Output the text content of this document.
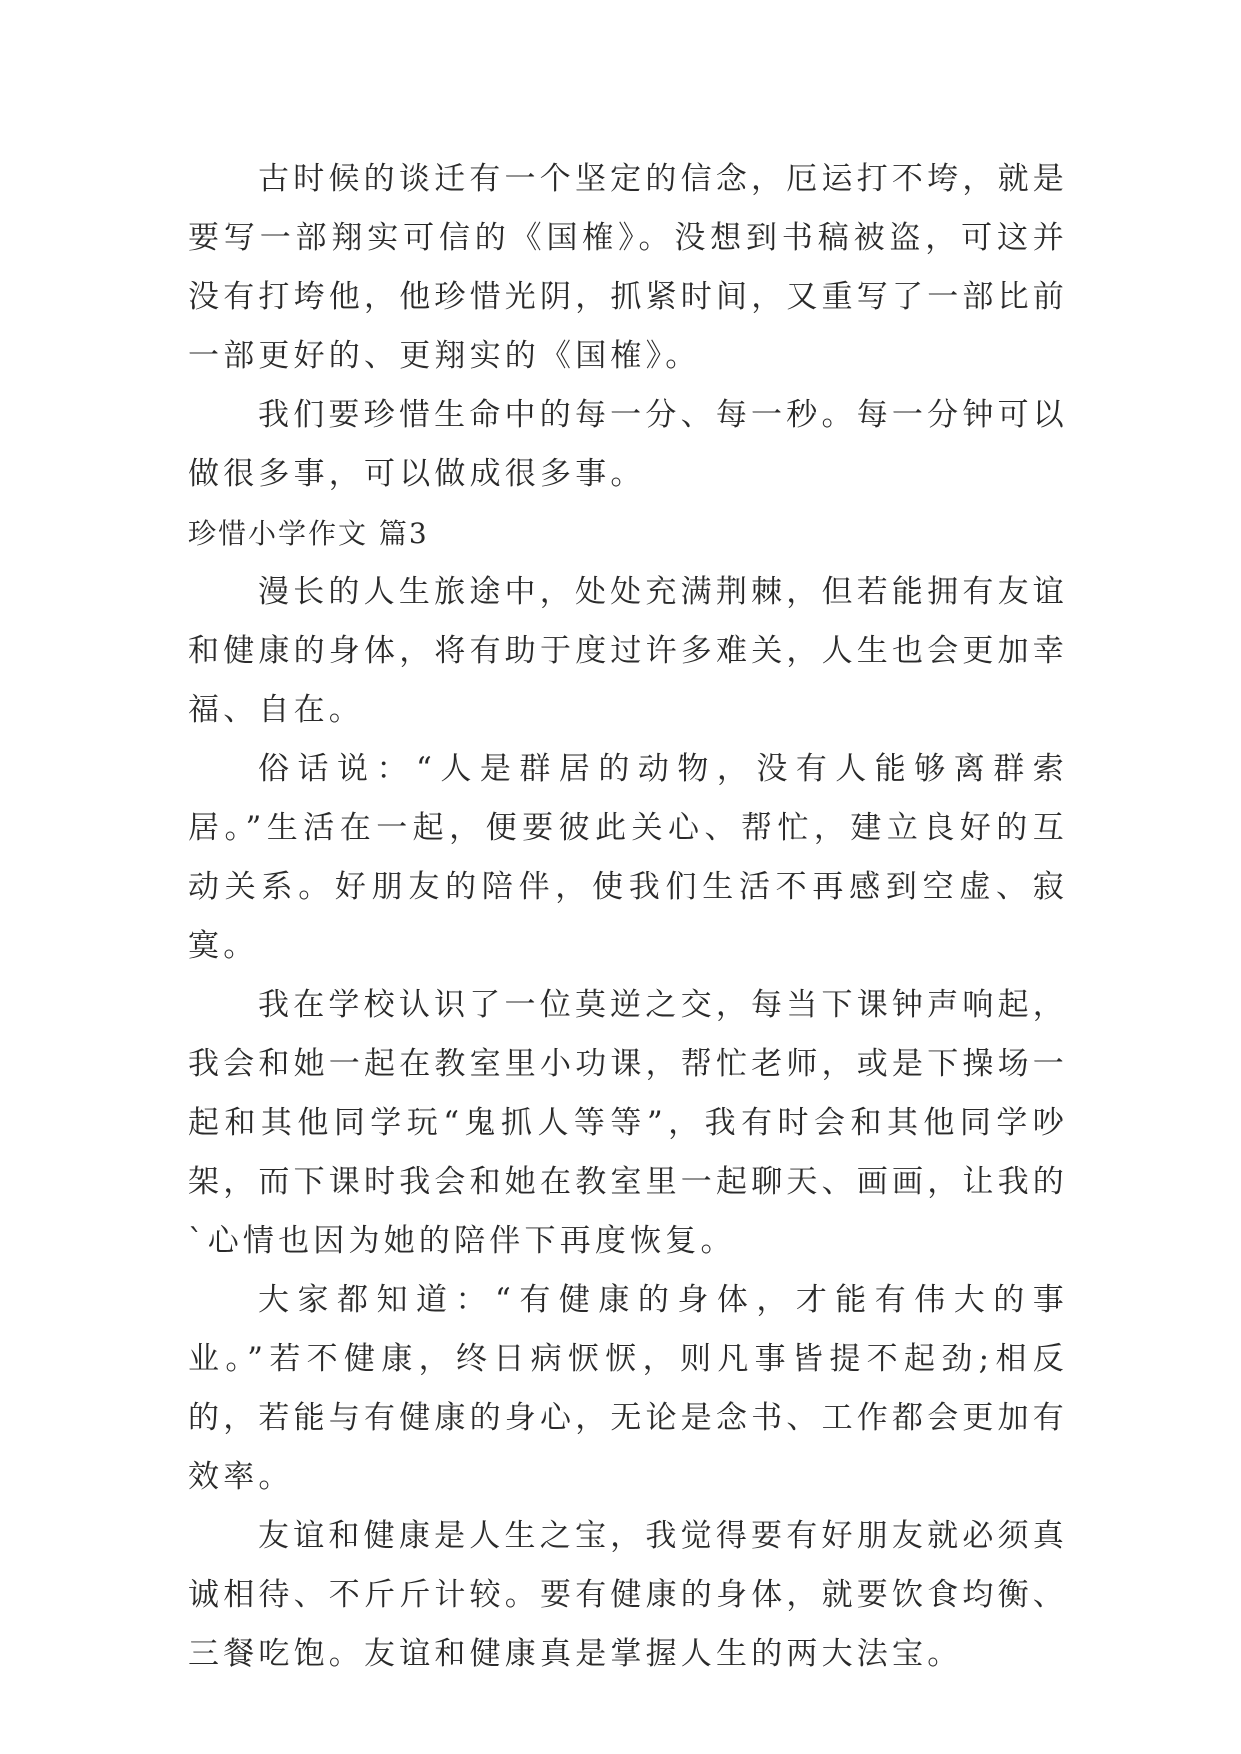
古时候的谈迁有一个坚定的信念，厄运打不垮，就是要写一部翔实可信的《国榷》。没想到书稿被盗，可这并没有打垮他，他珍惜光阴，抓紧时间，又重写了一部比前一部更好的、更翔实的《国榷》。

我们要珍惜生命中的每一分、每一秒。每一分钟可以做很多事，可以做成很多事。

珍惜小学作文 篇3

漫长的人生旅途中，处处充满荆棘，但若能拥有友谊和健康的身体，将有助于度过许多难关，人生也会更加幸福、自在。

俗话说：“人是群居的动物，没有人能够离群索居。”生活在一起，便要彼此关心、帮忙，建立良好的互动关系。好朋友的陪伴，使我们生活不再感到空虚、寂寞。

我在学校认识了一位莫逆之交，每当下课钟声响起，我会和她一起在教室里小功课，帮忙老师，或是下操场一起和其他同学玩“鬼抓人等等”，我有时会和其他同学吵架，而下课时我会和她在教室里一起聊天、画画，让我的`心情也因为她的陪伴下再度恢复。

大家都知道：“有健康的身体，才能有伟大的事业。”若不健康，终日病恹恹，则凡事皆提不起劲;相反的，若能与有健康的身心，无论是念书、工作都会更加有效率。

友谊和健康是人生之宝，我觉得要有好朋友就必须真诚相待、不斤斤计较。要有健康的身体，就要饮食均衡、三餐吃饱。友谊和健康真是掌握人生的两大法宝。
